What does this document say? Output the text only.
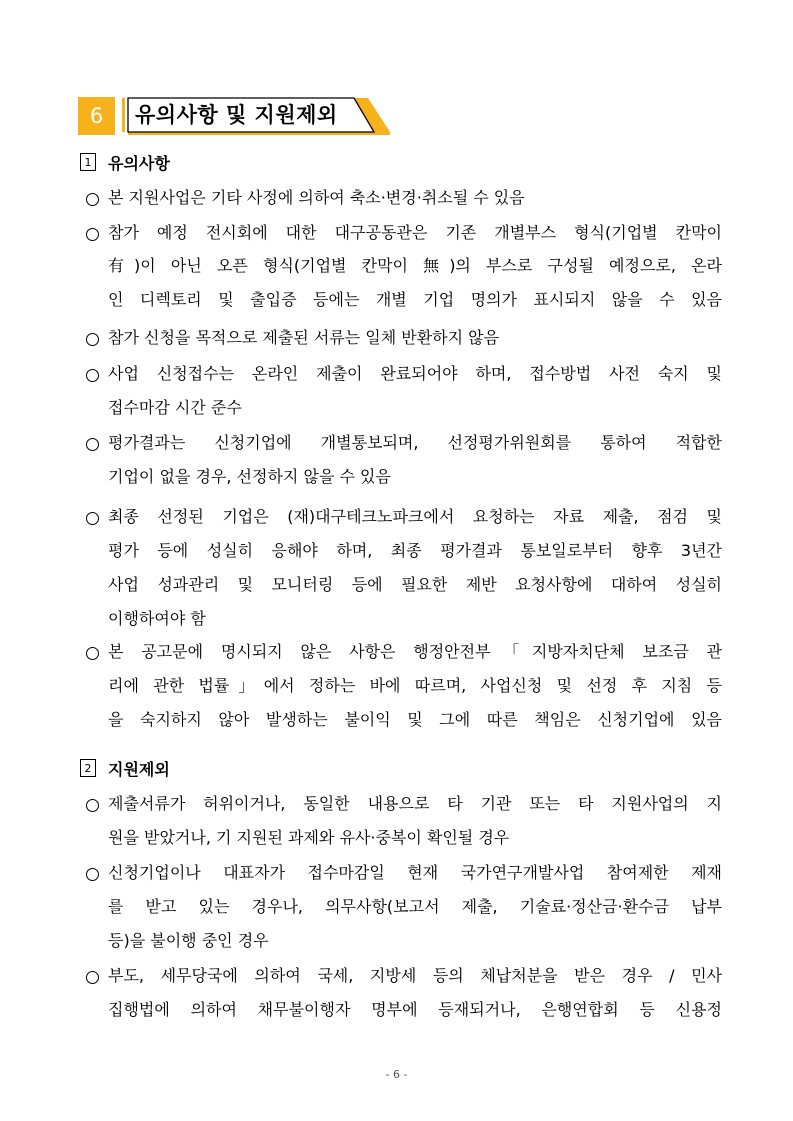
6	유의사항 및 지원제외
1 유의사항
본 지원사업은 기타 사정에 의하여 축소·변경·취소될 수 있음
참가 예정 전시회에 대한 대구공동관은 기존 개별부스 형식(기업별 칸막이
有)이 아닌 오픈 형식(기업별 칸막이 無)의 부스로 구성될 예정으로, 온라
인 디렉토리 및 출입증 등에는 개별 기업 명의가 표시되지 않을 수 있음
참가 신청을 목적으로 제출된 서류는 일체 반환하지 않음
사업 신청접수는 온라인 제출이 완료되어야 하며, 접수방법 사전 숙지 및
접수마감 시간 준수
평가결과는 신청기업에 개별통보되며, 선정평가위원회를 통하여 적합한
기업이 없을 경우, 선정하지 않을 수 있음
최종 선정된 기업은 (재)대구테크노파크에서 요청하는 자료 제출, 점검 및
평가 등에 성실히 응해야 하며, 최종 평가결과 통보일로부터 향후 3년간
사업 성과관리 및 모니터링 등에 필요한 제반 요청사항에 대하여 성실히
이행하여야 함
본 공고문에 명시되지 않은 사항은 행정안전부「지방자치단체 보조금 관
리에 관한 법률」에서 정하는 바에 따르며, 사업신청 및 선정 후 지침 등
을 숙지하지 않아 발생하는 불이익 및 그에 따른 책임은 신청기업에 있음
2 지원제외
제출서류가 허위이거나, 동일한 내용으로 타 기관 또는 타 지원사업의 지
원을 받았거나, 기 지원된 과제와 유사·중복이 확인될 경우
신청기업이나 대표자가 접수마감일 현재 국가연구개발사업 참여제한 제재
를 받고 있는 경우나, 의무사항(보고서 제출, 기술료·정산금·환수금 납부
등)을 불이행 중인 경우
부도, 세무당국에 의하여 국세, 지방세 등의 체납처분을 받은 경우 / 민사
집행법에 의하여 채무불이행자 명부에 등재되거나, 은행연합회 등 신용정
- 6 -
